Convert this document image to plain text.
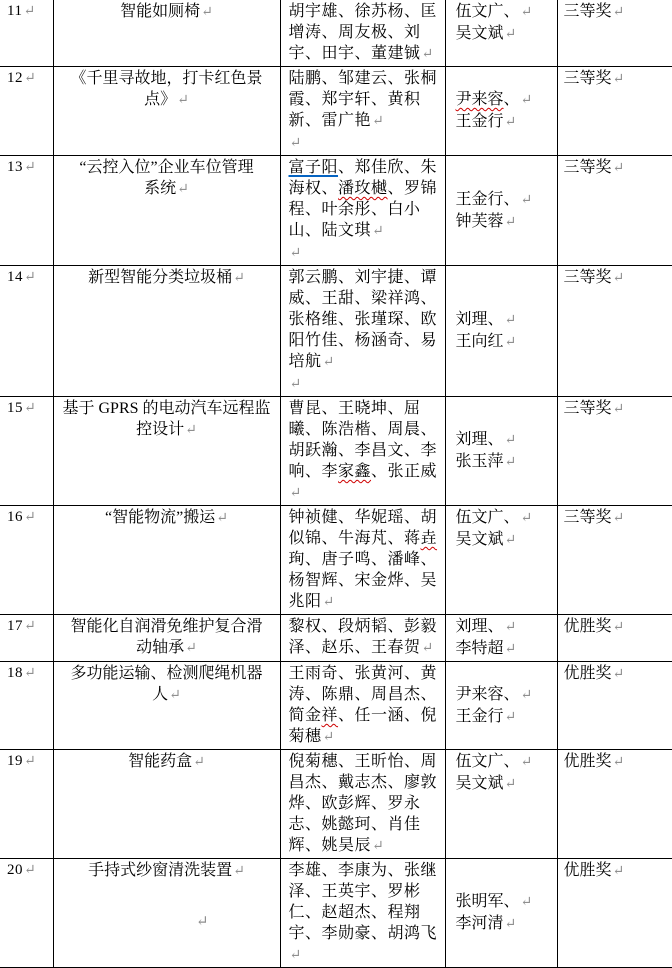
11↵	智能如厕椅↵	胡宇雄、徐苏杨、匡
增涛、周友极、刘
宇、田宇、董建铖↵	伍文广、↵
吴文斌↵	三等奖↵
12↵	《千里寻故地，打卡红色景
点》↵	陆鹏、邹建云、张桐
霞、郑宇轩、黄积
新、雷广艳↵
↵	尹来容、↵
王金行↵	三等奖↵
13↵	“云控入位”企业车位管理
系统↵	富子阳、郑佳欣、朱
海权、潘玫樾、罗锦
程、叶余彤、白小
山、陆文琪↵
↵	王金行、↵
钟芙蓉↵	三等奖↵
14↵	新型智能分类垃圾桶↵	郭云鹏、刘宇捷、谭
威、王甜、梁祥鸿、
张格维、张瑾琛、欧
阳竹佳、杨涵奇、易
培航↵
↵	刘理、↵
王向红↵	三等奖↵
15↵	基于 GPRS 的电动汽车远程监
控设计↵	曹昆、王晓坤、屈
曦、陈浩楷、周晨、
胡跃瀚、李昌文、李
响、李家鑫、张正威↵	刘理、↵
张玉萍↵	三等奖↵
16↵	“智能物流”搬运↵	钟祯健、华妮瑶、胡
似锦、牛海芃、蒋垚
珣、唐子鸣、潘峰、
杨智辉、宋金烨、吴
兆阳↵	伍文广、↵
吴文斌↵	三等奖↵
17↵	智能化自润滑免维护复合滑
动轴承↵	黎权、段炳韬、彭毅
泽、赵乐、王春贺↵	刘理、↵
李特超↵	优胜奖↵
18↵	多功能运输、检测爬绳机器
人↵	王雨奇、张黄河、黄
涛、陈鼎、周昌杰、
简金祥、任一涵、倪
菊穗↵	尹来容、↵
王金行↵	优胜奖↵
19↵	智能药盒↵	倪菊穗、王昕怡、周
昌杰、戴志杰、廖敦
烨、欧彭辉、罗永
志、姚懿珂、肖佳
辉、姚昊辰↵	伍文广、↵
吴文斌↵	优胜奖↵
20↵	手持式纱窗清洗装置↵	李雄、李康为、张继
泽、王英宇、罗彬
仁、赵超杰、程翔
宇、李勋豪、胡鸿飞↵	张明军、↵
李河清↵	优胜奖↵
↵
